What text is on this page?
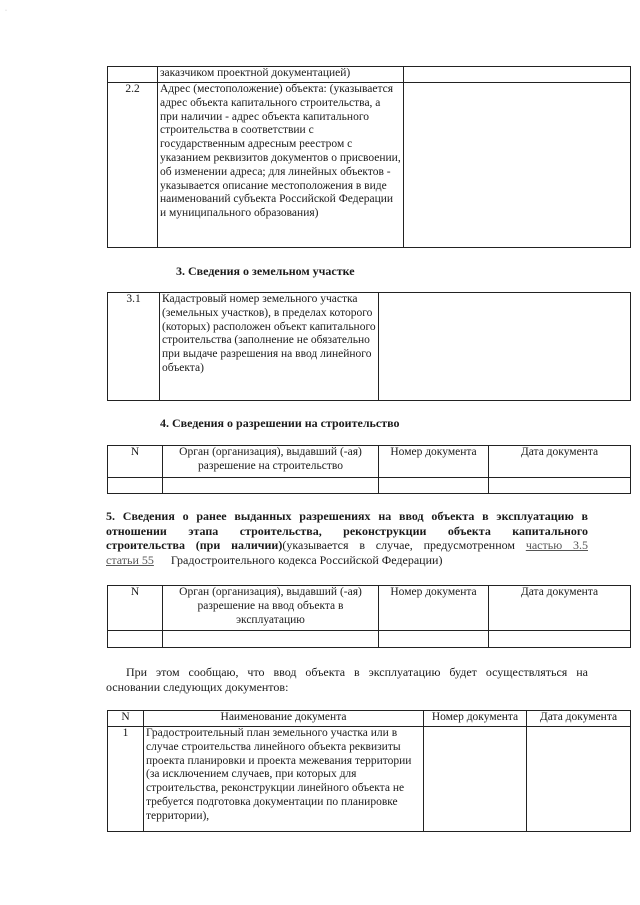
·
	заказчиком проектной документацией)	
2.2	Адрес (местоположение) объекта: (указывается адрес объекта капитального строительства, а при наличии - адрес объекта капитального строительства в соответствии с государственным адресным реестром с указанием реквизитов документов о присвоении, об изменении адреса; для линейных объектов - указывается описание местоположения в виде наименований субъекта Российской Федерации и муниципального образования)	
3. Сведения о земельном участке
3.1	Кадастровый номер земельного участка (земельных участков), в пределах которого (которых) расположен объект капитального строительства (заполнение не обязательно при выдаче разрешения на ввод линейного объекта)	
4. Сведения о разрешении на строительство
N	Орган (организация), выдавший (-ая) разрешение на строительство	Номер документа	Дата документа

5. Сведения о ранее выданных разрешениях на ввод объекта в эксплуатацию в
отношении этапа строительства, реконструкции объекта капитального
строительства (при наличии)(указывается в случае, предусмотренном частью 3.5
статьи 55 Градостроительного кодекса Российской Федерации)
N	Орган (организация), выдавший (-ая) разрешение на ввод объекта в эксплуатацию	Номер документа	Дата документа

При этом сообщаю, что ввод объекта в эксплуатацию будет осуществляться на
основании следующих документов:
N	Наименование документа	Номер документа	Дата документа
1	Градостроительный план земельного участка или в случае строительства линейного объекта реквизиты проекта планировки и проекта межевания территории (за исключением случаев, при которых для строительства, реконструкции линейного объекта не требуется подготовка документации по планировке территории),		
